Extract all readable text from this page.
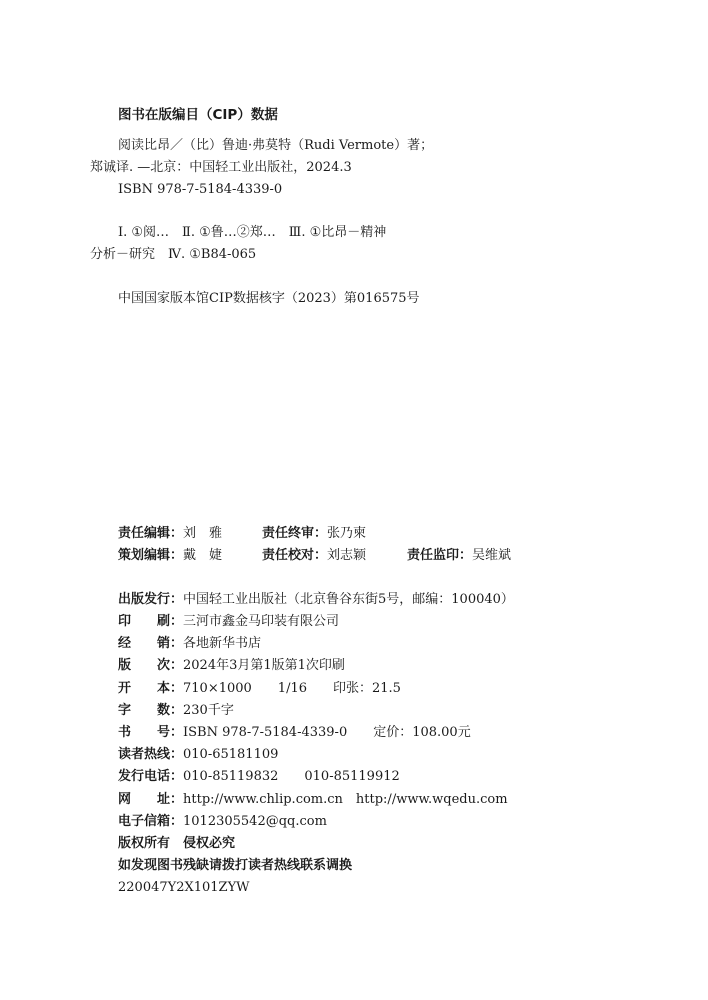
图书在版编目（CIP）数据
阅读比昂／（比）鲁迪·弗莫特（Rudi Vermote）著；
郑诚译. —北京：中国轻工业出版社，2024.3
ISBN 978-7-5184-4339-0
Ⅰ. ①阅…　Ⅱ. ①鲁…②郑…　Ⅲ. ①比昂－精神
分析－研究　Ⅳ. ①B84-065
中国国家版本馆CIP数据核字（2023）第016575号
责任编辑：刘　雅	责任终审：张乃柬
策划编辑：戴　婕	责任校对：刘志颖	责任监印：吴维斌
出版发行：中国轻工业出版社（北京鲁谷东街5号，邮编：100040）
印　　刷：三河市鑫金马印装有限公司
经　　销：各地新华书店
版　　次：2024年3月第1版第1次印刷
开　　本：710×1000　　1/16　　印张：21.5
字　　数：230千字
书　　号：ISBN 978-7-5184-4339-0　　定价：108.00元
读者热线：010-65181109
发行电话：010-85119832　　010-85119912
网　　址：http://www.chlip.com.cn　http://www.wqedu.com
电子信箱：1012305542@qq.com
版权所有　侵权必究
如发现图书残缺请拨打读者热线联系调换
220047Y2X101ZYW
